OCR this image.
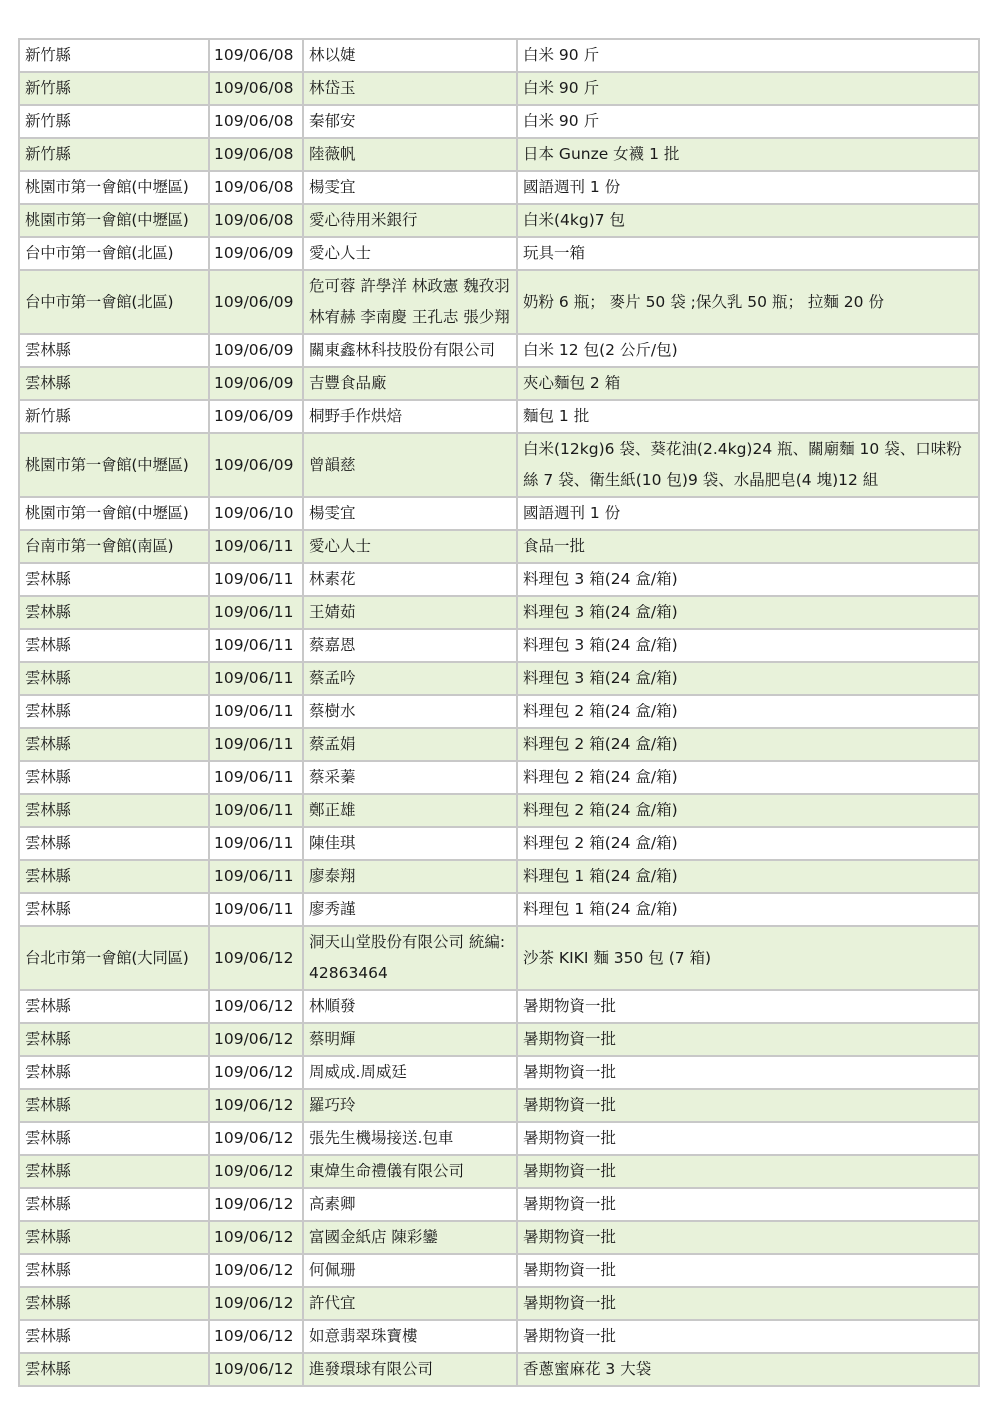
新竹縣	109/06/08	林以婕	白米 90 斤
新竹縣	109/06/08	林岱玉	白米 90 斤
新竹縣	109/06/08	秦郁安	白米 90 斤
新竹縣	109/06/08	陸薇帆	日本 Gunze 女襪 1 批
桃園市第一會館(中壢區)	109/06/08	楊雯宜	國語週刊 1 份
桃園市第一會館(中壢區)	109/06/08	愛心待用米銀行	白米(4kg)7 包
台中市第一會館(北區)	109/06/09	愛心人士	玩具一箱
台中市第一會館(北區)	109/06/09	危可蓉 許學洋 林政憲 魏孜羽 林宥赫 李南慶 王孔志 張少翔	奶粉 6 瓶； 麥片 50 袋 ;保久乳 50 瓶； 拉麵 20 份
雲林縣	109/06/09	關東鑫林科技股份有限公司	白米 12 包(2 公斤/包)
雲林縣	109/06/09	吉豐食品廠	夾心麵包 2 箱
新竹縣	109/06/09	桐野手作烘焙	麵包 1 批
桃園市第一會館(中壢區)	109/06/09	曾韻慈	白米(12kg)6 袋、葵花油(2.4kg)24 瓶、關廟麵 10 袋、口味粉絲 7 袋、衛生紙(10 包)9 袋、水晶肥皂(4 塊)12 組
桃園市第一會館(中壢區)	109/06/10	楊雯宜	國語週刊 1 份
台南市第一會館(南區)	109/06/11	愛心人士	食品一批
雲林縣	109/06/11	林素花	料理包 3 箱(24 盒/箱)
雲林縣	109/06/11	王婧茹	料理包 3 箱(24 盒/箱)
雲林縣	109/06/11	蔡嘉恩	料理包 3 箱(24 盒/箱)
雲林縣	109/06/11	蔡孟吟	料理包 3 箱(24 盒/箱)
雲林縣	109/06/11	蔡樹水	料理包 2 箱(24 盒/箱)
雲林縣	109/06/11	蔡孟娟	料理包 2 箱(24 盒/箱)
雲林縣	109/06/11	蔡采蓁	料理包 2 箱(24 盒/箱)
雲林縣	109/06/11	鄭正雄	料理包 2 箱(24 盒/箱)
雲林縣	109/06/11	陳佳琪	料理包 2 箱(24 盒/箱)
雲林縣	109/06/11	廖泰翔	料理包 1 箱(24 盒/箱)
雲林縣	109/06/11	廖秀謹	料理包 1 箱(24 盒/箱)
台北市第一會館(大同區)	109/06/12	洞天山堂股份有限公司 統編: 42863464	沙茶 KIKI 麵 350 包 (7 箱)
雲林縣	109/06/12	林順發	暑期物資一批
雲林縣	109/06/12	蔡明輝	暑期物資一批
雲林縣	109/06/12	周威成.周威廷	暑期物資一批
雲林縣	109/06/12	羅巧玲	暑期物資一批
雲林縣	109/06/12	張先生機場接送.包車	暑期物資一批
雲林縣	109/06/12	東煒生命禮儀有限公司	暑期物資一批
雲林縣	109/06/12	高素卿	暑期物資一批
雲林縣	109/06/12	富國金紙店 陳彩鑾	暑期物資一批
雲林縣	109/06/12	何佩珊	暑期物資一批
雲林縣	109/06/12	許代宜	暑期物資一批
雲林縣	109/06/12	如意翡翠珠寶樓	暑期物資一批
雲林縣	109/06/12	進發環球有限公司	香蔥蜜麻花 3 大袋
